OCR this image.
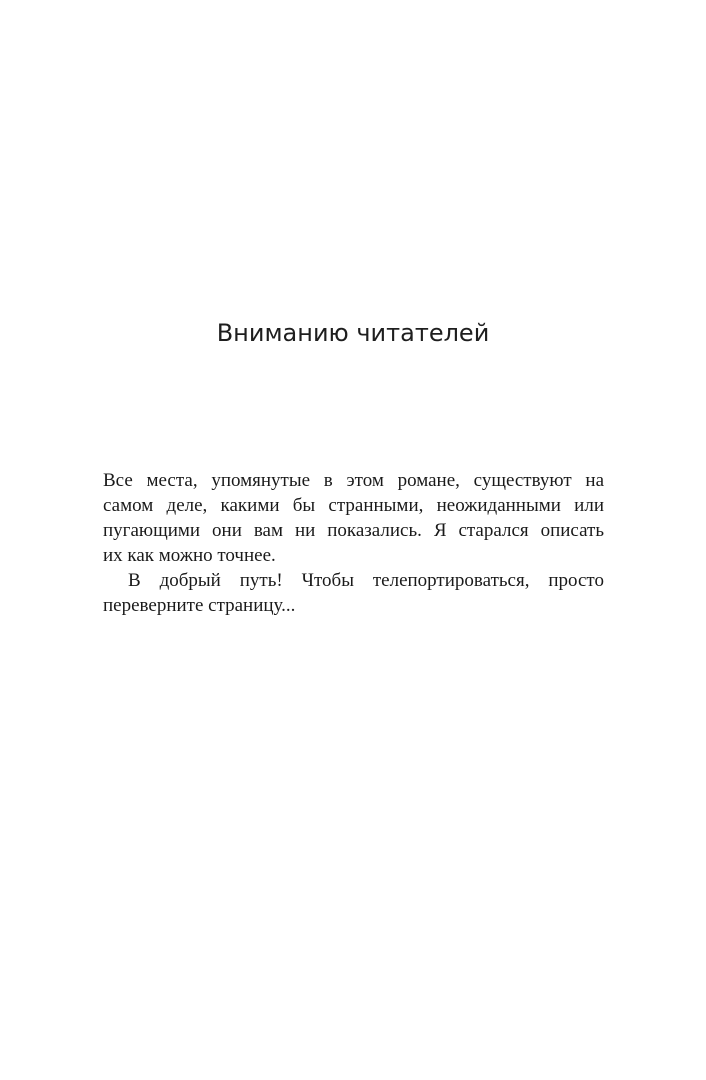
Вниманию читателей
Все места, упомянутые в этом романе, существуют на
самом деле, какими бы странными, неожиданными или
пугающими они вам ни показались. Я старался описать
их как можно точнее.
В добрый путь! Чтобы телепортироваться, просто
переверните страницу...
